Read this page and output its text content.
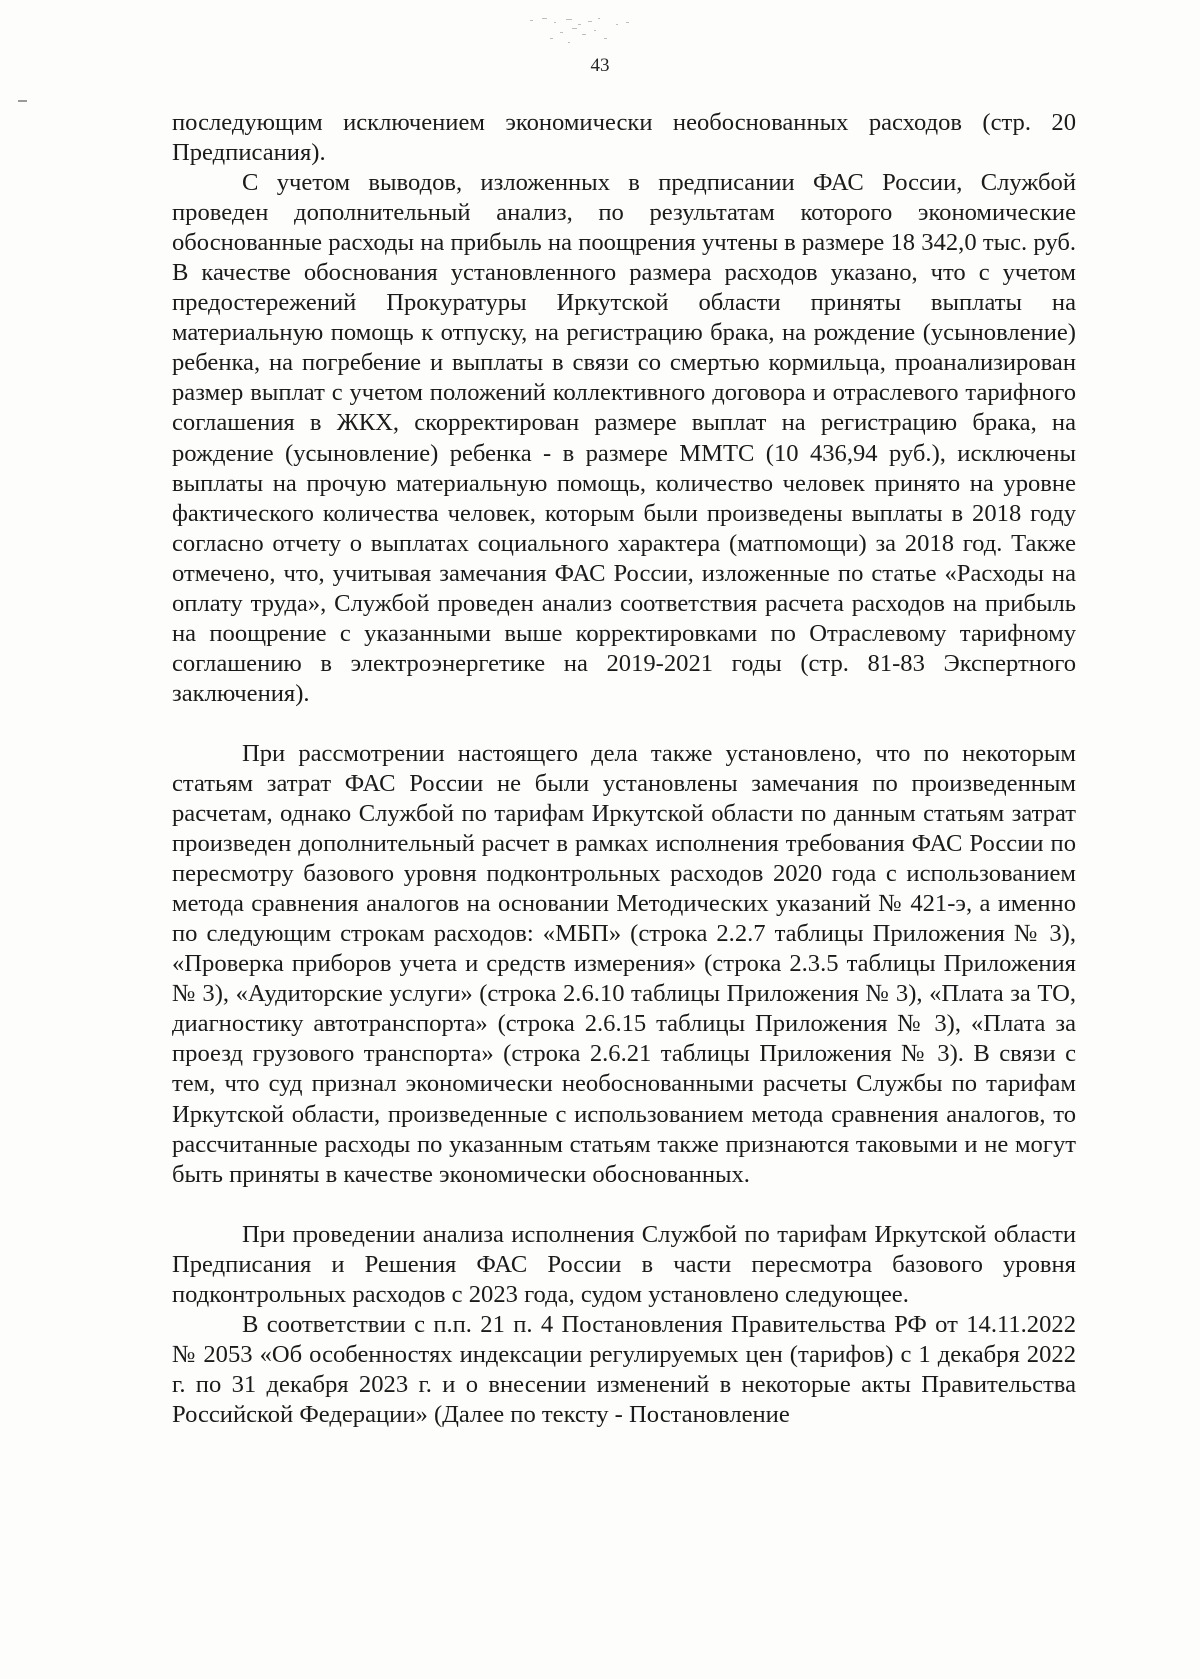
43

последующим исключением экономически необоснованных расходов (стр. 20 Предписания).

С учетом выводов, изложенных в предписании ФАС России, Службой проведен дополнительный анализ, по результатам которого экономические обоснованные расходы на прибыль на поощрения учтены в размере 18 342,0 тыс. руб. В качестве обоснования установленного размера расходов указано, что с учетом предостережений Прокуратуры Иркутской области приняты выплаты на материальную помощь к отпуску, на регистрацию брака, на рождение (усыновление) ребенка, на погребение и выплаты в связи со смертью кормильца, проанализирован размер выплат с учетом положений коллективного договора и отраслевого тарифного соглашения в ЖКХ, скорректирован размере выплат на регистрацию брака, на рождение (усыновление) ребенка - в размере ММТС (10 436,94 руб.), исключены выплаты на прочую материальную помощь, количество человек принято на уровне фактического количества человек, которым были произведены выплаты в 2018 году согласно отчету о выплатах социального характера (матпомощи) за 2018 год. Также отмечено, что, учитывая замечания ФАС России, изложенные по статье «Расходы на оплату труда», Службой проведен анализ соответствия расчета расходов на прибыль на поощрение с указанными выше корректировками по Отраслевому тарифному соглашению в электроэнергетике на 2019-2021 годы (стр. 81-83 Экспертного заключения).

При рассмотрении настоящего дела также установлено, что по некоторым статьям затрат ФАС России не были установлены замечания по произведенным расчетам, однако Службой по тарифам Иркутской области по данным статьям затрат произведен дополнительный расчет в рамках исполнения требования ФАС России по пересмотру базового уровня подконтрольных расходов 2020 года с использованием метода сравнения аналогов на основании Методических указаний № 421-э, а именно по следующим строкам расходов: «МБП» (строка 2.2.7 таблицы Приложения № 3), «Проверка приборов учета и средств измерения» (строка 2.3.5 таблицы Приложения № 3), «Аудиторские услуги» (строка 2.6.10 таблицы Приложения № 3), «Плата за ТО, диагностику автотранспорта» (строка 2.6.15 таблицы Приложения № 3), «Плата за проезд грузового транспорта» (строка 2.6.21 таблицы Приложения № 3). В связи с тем, что суд признал экономически необоснованными расчеты Службы по тарифам Иркутской области, произведенные с использованием метода сравнения аналогов, то рассчитанные расходы по указанным статьям также признаются таковыми и не могут быть приняты в качестве экономически обоснованных.

При проведении анализа исполнения Службой по тарифам Иркутской области Предписания и Решения ФАС России в части пересмотра базового уровня подконтрольных расходов с 2023 года, судом установлено следующее.

В соответствии с п.п. 21 п. 4 Постановления Правительства РФ от 14.11.2022 № 2053 «Об особенностях индексации регулируемых цен (тарифов) с 1 декабря 2022 г. по 31 декабря 2023 г. и о внесении изменений в некоторые акты Правительства Российской Федерации» (Далее по тексту - Постановление
